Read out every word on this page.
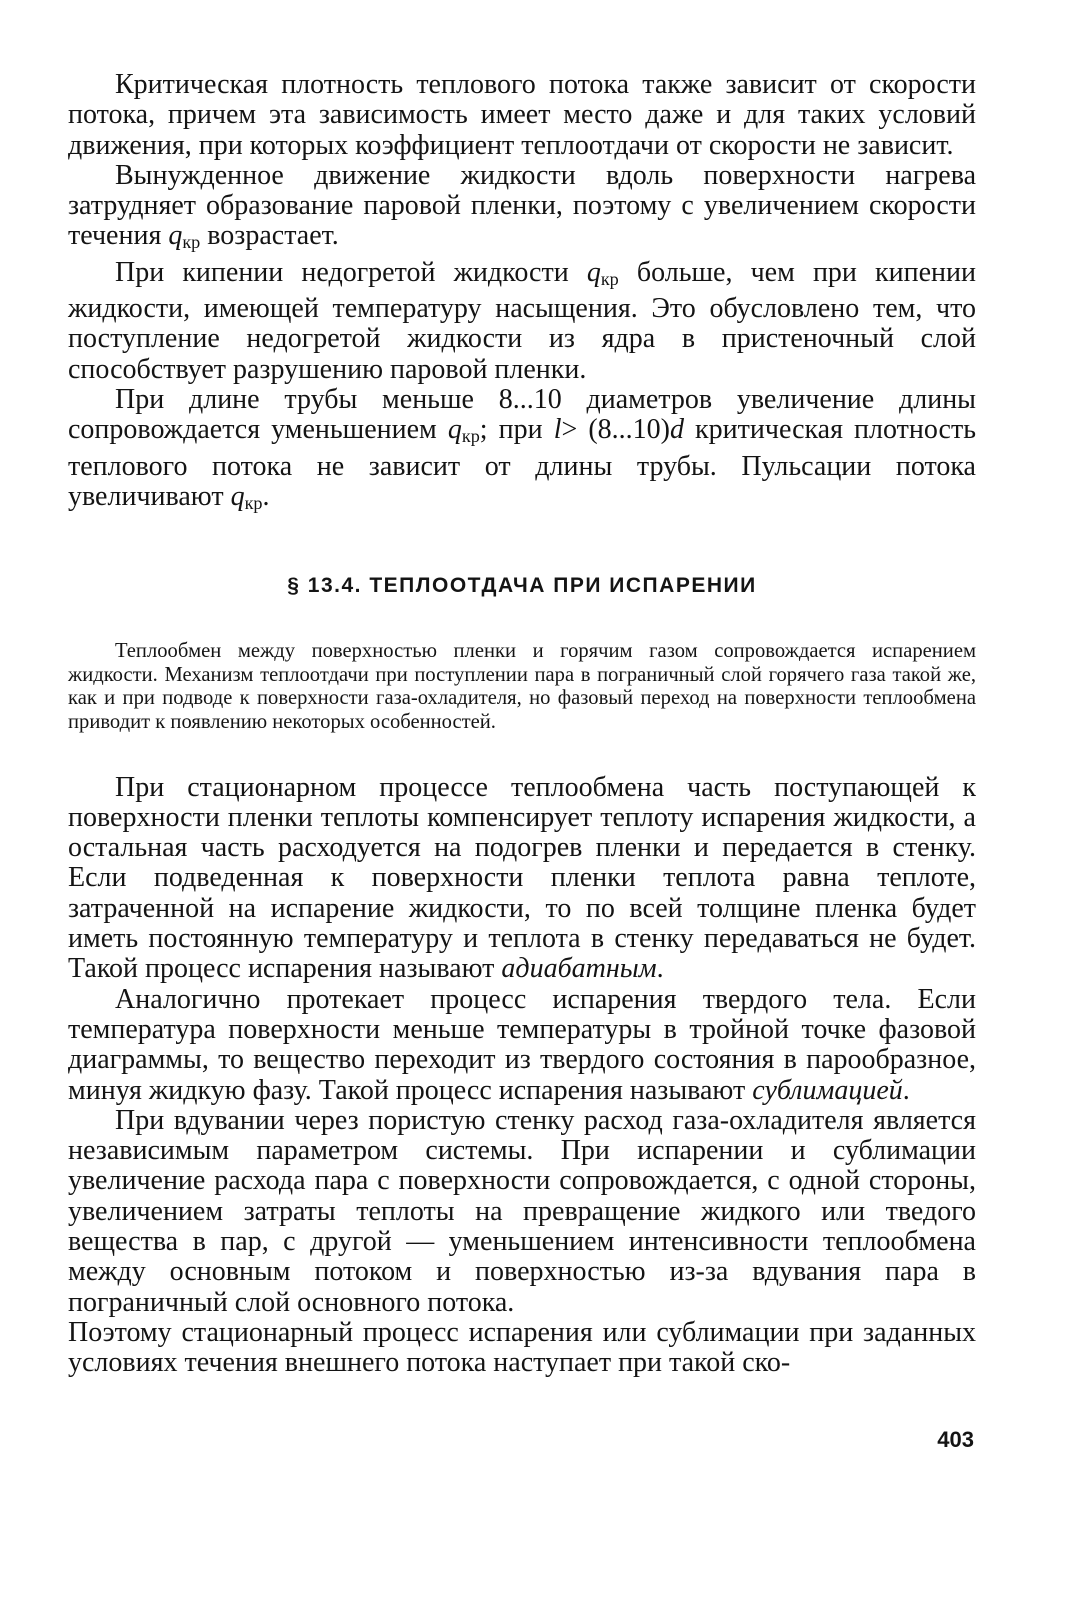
Критическая плотность теплового потока также зависит от скорости потока, причем эта зависимость имеет место даже и для таких условий движения, при которых коэффициент теплоотдачи от скорости не зависит.

Вынужденное движение жидкости вдоль поверхности нагрева затрудняет образование паровой пленки, поэтому с увеличением скорости течения $q_{кр}$ возрастает.

При кипении недогретой жидкости $q_{кр}$ больше, чем при кипении жидкости, имеющей температуру насыщения. Это обусловлено тем, что поступление недогретой жидкости из ядра в пристеночный слой способствует разрушению паровой пленки.

При длине трубы меньше 8...10 диаметров увеличение длины сопровождается уменьшением $q_{кр}$; при l> (8...10)d критическая плотность теплового потока не зависит от длины трубы. Пульсации потока увеличивают $q_{кр}$.

§ 13.4. ТЕПЛООТДАЧА ПРИ ИСПАРЕНИИ

Теплообмен между поверхностью пленки и горячим газом сопровождается испарением жидкости. Механизм теплоотдачи при поступлении пара в пограничный слой горячего газа такой же, как и при подводе к поверхности газа-охладителя, но фазовый переход на поверхности теплообмена приводит к появлению некоторых особенностей.

При стационарном процессе теплообмена часть поступающей к поверхности пленки теплоты компенсирует теплоту испарения жидкости, а остальная часть расходуется на подогрев пленки и передается в стенку. Если подведенная к поверхности пленки теплота равна теплоте, затраченной на испарение жидкости, то по всей толщине пленка будет иметь постоянную температуру и теплота в стенку передаваться не будет. Такой процесс испарения называют адиабатным.

Аналогично протекает процесс испарения твердого тела. Если температура поверхности меньше температуры в тройной точке фазовой диаграммы, то вещество переходит из твердого состояния в парообразное, минуя жидкую фазу. Такой процесс испарения называют сублимацией.

При вдувании через пористую стенку расход газа-охладителя является независимым параметром системы. При испарении и сублимации увеличение расхода пара с поверхности сопровождается, с одной стороны, увеличением затраты теплоты на превращение жидкого или тведого вещества в пар, с другой — уменьшением интенсивности теплообмена между основным потоком и поверхностью из-за вдувания пара в пограничный слой основного потока.

Поэтому стационарный процесс испарения или сублимации при заданных условиях течения внешнего потока наступает при такой ско-

403
